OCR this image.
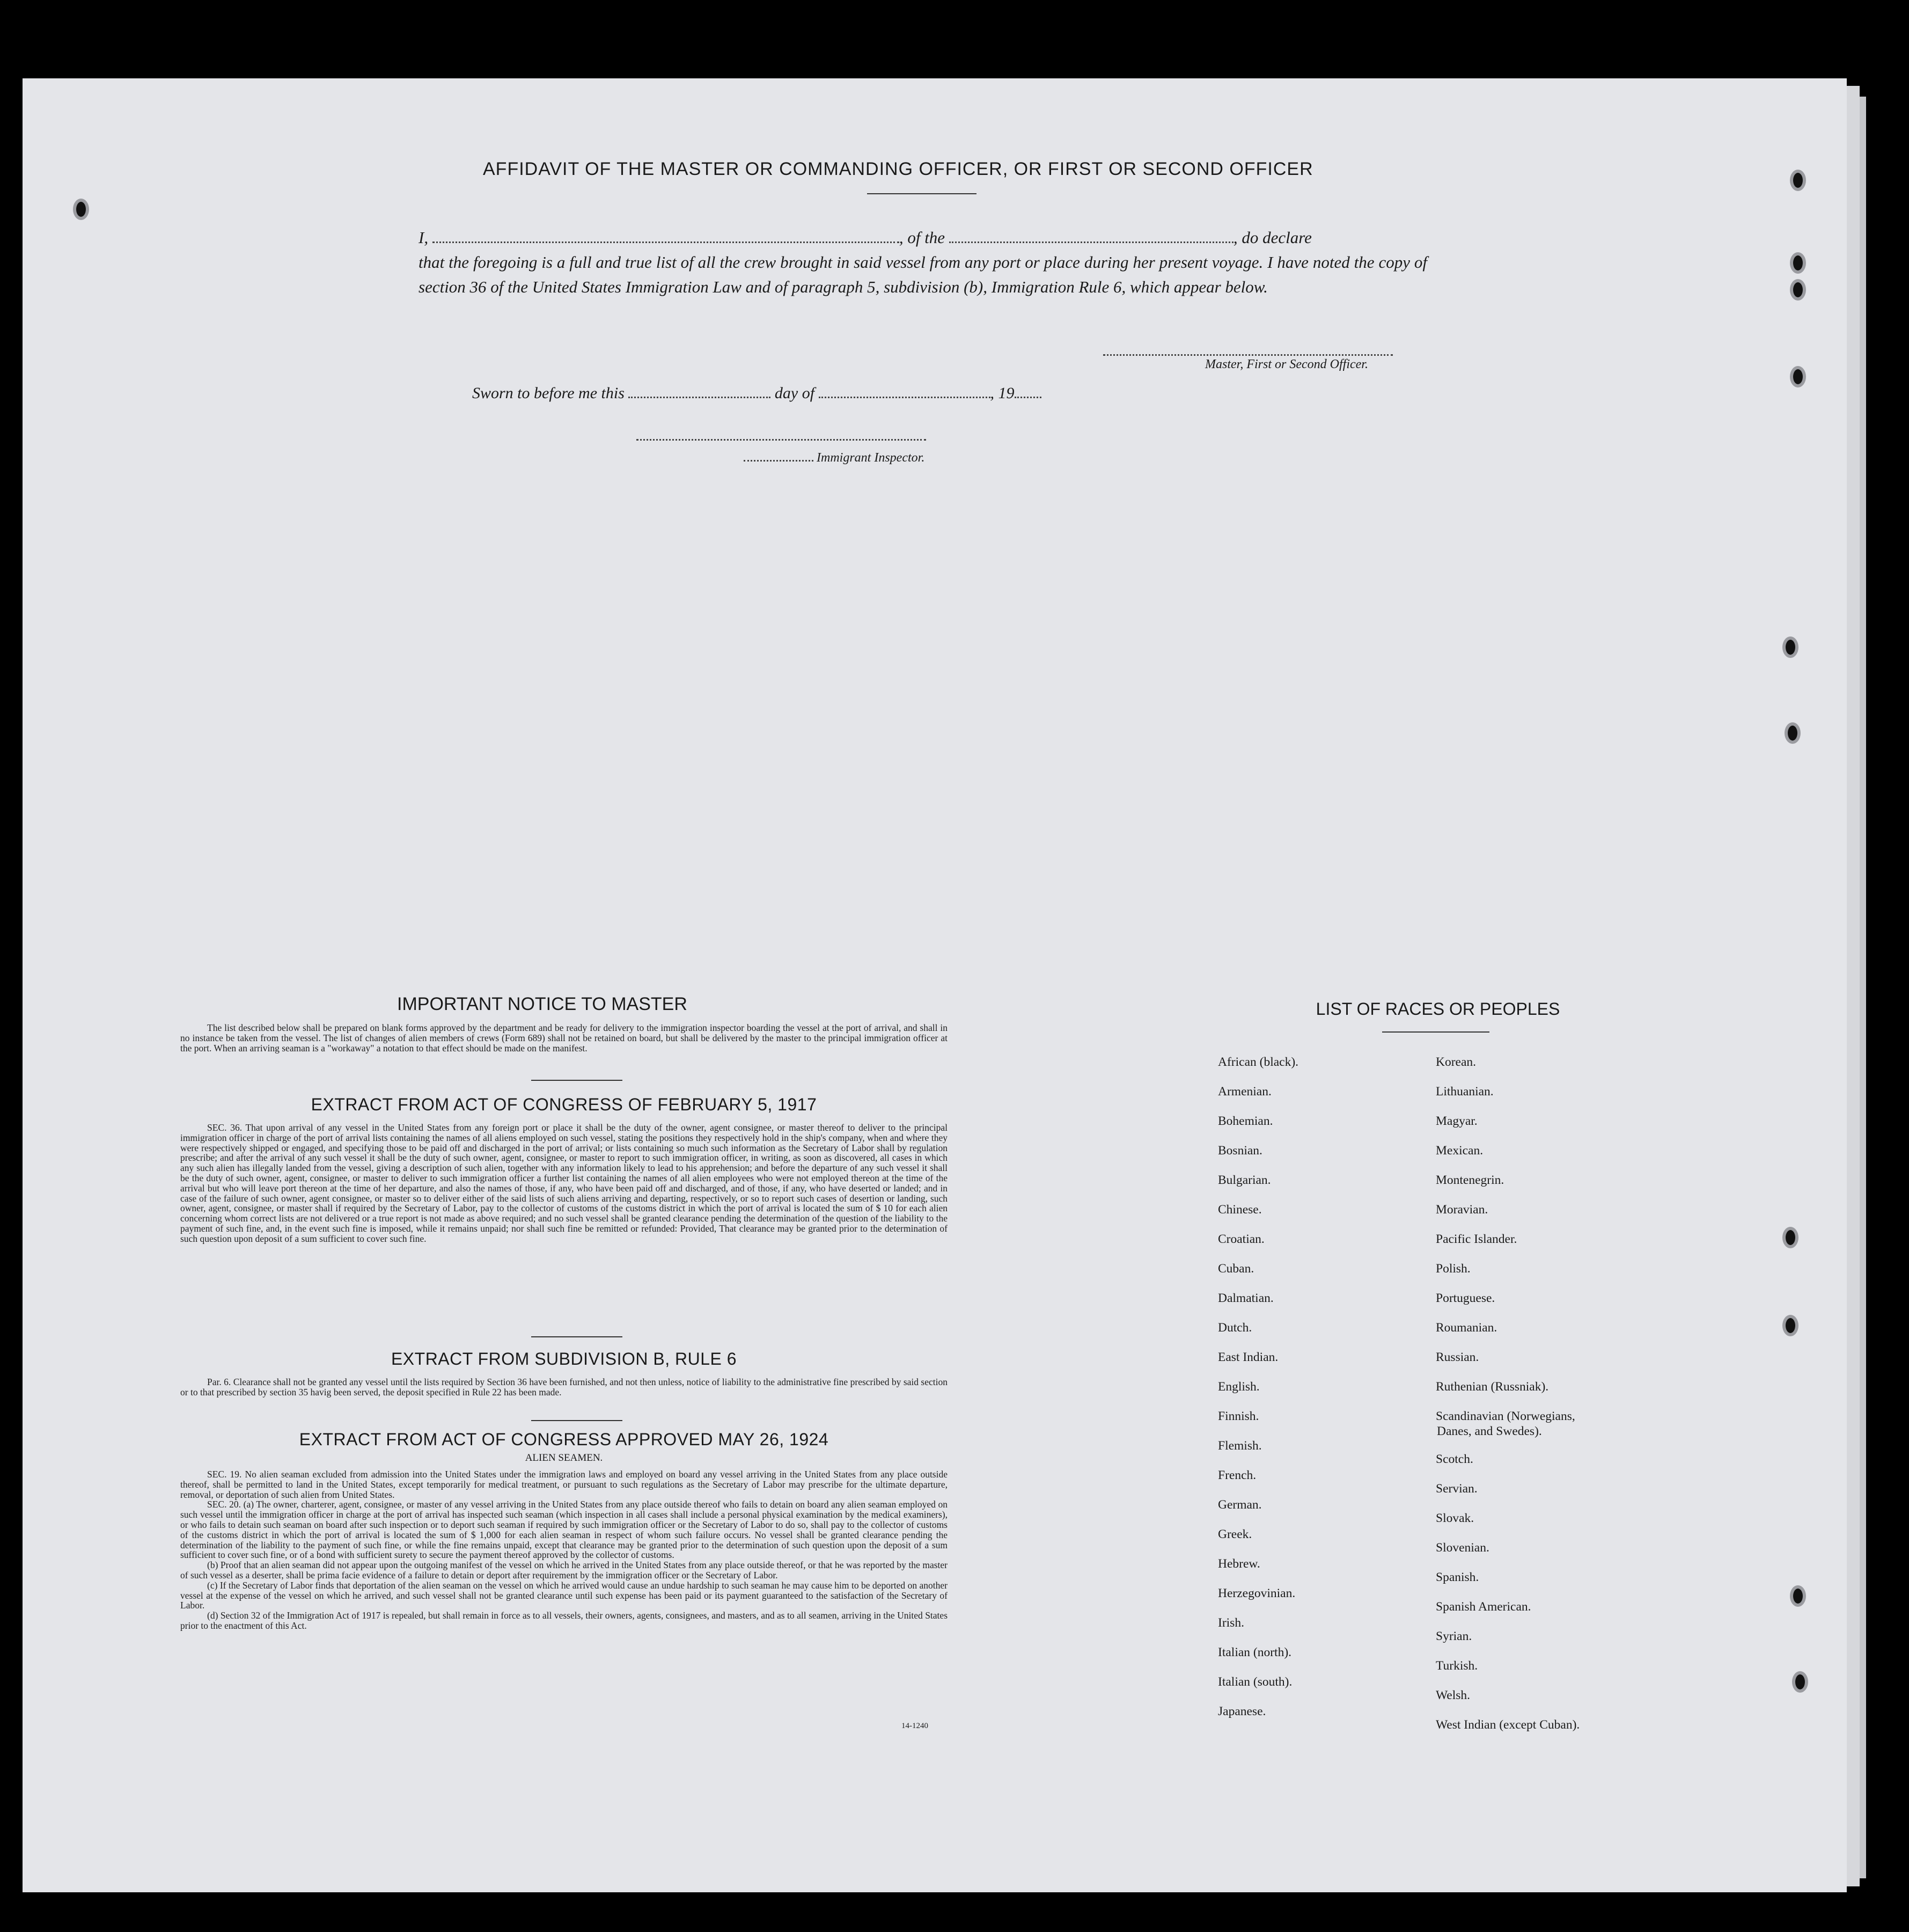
AFFIDAVIT OF THE MASTER OR COMMANDING OFFICER, OR FIRST OR SECOND OFFICER

I,	, of the	, do declare

that the foregoing is a full and true list of all the crew brought in said vessel from any port or place during her present voyage. I have noted the copy of section 36 of the United States Immigration Law and of paragraph 5, subdivision (b), Immigration Rule 6, which appear below.

Master, First or Second Officer.
Sworn to before me this	day of	, 19
Immigrant Inspector.
IMPORTANT NOTICE TO MASTER

The list described below shall be prepared on blank forms approved by the department and be ready for delivery to the immigration inspector boarding the vessel at the port of arrival, and shall in no instance be taken from the vessel. The list of changes of alien members of crews (Form 689) shall not be retained on board, but shall be delivered by the master to the principal immigration officer at the port. When an arriving seaman is a "workaway" a notation to that effect should be made on the manifest.

EXTRACT FROM ACT OF CONGRESS OF FEBRUARY 5, 1917

SEC. 36. That upon arrival of any vessel in the United States from any foreign port or place it shall be the duty of the owner, agent consignee, or master thereof to deliver to the principal immigration officer in charge of the port of arrival lists containing the names of all aliens employed on such vessel, stating the positions they respectively hold in the ship's company, when and where they were respectively shipped or engaged, and specifying those to be paid off and discharged in the port of arrival; or lists containing so much such information as the Secretary of Labor shall by regulation prescribe; and after the arrival of any such vessel it shall be the duty of such owner, agent, consignee, or master to report to such immigration officer, in writing, as soon as discovered, all cases in which any such alien has illegally landed from the vessel, giving a description of such alien, together with any information likely to lead to his apprehension; and before the departure of any such vessel it shall be the duty of such owner, agent, consignee, or master to deliver to such immigration officer a further list containing the names of all alien employees who were not employed thereon at the time of the arrival but who will leave port thereon at the time of her departure, and also the names of those, if any, who have been paid off and discharged, and of those, if any, who have deserted or landed; and in case of the failure of such owner, agent consignee, or master so to deliver either of the said lists of such aliens arriving and departing, respectively, or so to report such cases of desertion or landing, such owner, agent, consignee, or master shall if required by the Secretary of Labor, pay to the collector of customs of the customs district in which the port of arrival is located the sum of $ 10 for each alien concerning whom correct lists are not delivered or a true report is not made as above required; and no such vessel shall be granted clearance pending the determination of the question of the liability to the payment of such fine, and, in the event such fine is imposed, while it remains unpaid; nor shall such fine be remitted or refunded: Provided, That clearance may be granted prior to the determination of such question upon deposit of a sum sufficient to cover such fine.

EXTRACT FROM SUBDIVISION B, RULE 6

Par. 6. Clearance shall not be granted any vessel until the lists required by Section 36 have been furnished, and not then unless, notice of liability to the administrative fine prescribed by said section or to that prescribed by section 35 havig been served, the deposit specified in Rule 22 has been made.

EXTRACT FROM ACT OF CONGRESS APPROVED MAY 26, 1924
ALIEN SEAMEN.

SEC. 19. No alien seaman excluded from admission into the United States under the immigration laws and employed on board any vessel arriving in the United States from any place outside thereof, shall be permitted to land in the United States, except temporarily for medical treatment, or pursuant to such regulations as the Secretary of Labor may prescribe for the ultimate departure, removal, or deportation of such alien from United States.

SEC. 20. (a) The owner, charterer, agent, consignee, or master of any vessel arriving in the United States from any place outside thereof who fails to detain on board any alien seaman employed on such vessel until the immigration officer in charge at the port of arrival has inspected such seaman (which inspection in all cases shall include a personal physical examination by the medical examiners), or who fails to detain such seaman on board after such inspection or to deport such seaman if required by such immigration officer or the Secretary of Labor to do so, shall pay to the collector of customs of the customs district in which the port of arrival is located the sum of $ 1,000 for each alien seaman in respect of whom such failure occurs. No vessel shall be granted clearance pending the determination of the liability to the payment of such fine, or while the fine remains unpaid, except that clearance may be granted prior to the determination of such question upon the deposit of a sum sufficient to cover such fine, or of a bond with sufficient surety to secure the payment thereof approved by the collector of customs.

(b) Proof that an alien seaman did not appear upon the outgoing manifest of the vessel on which he arrived in the United States from any place outside thereof, or that he was reported by the master of such vessel as a deserter, shall be prima facie evidence of a failure to detain or deport after requirement by the immigration officer or the Secretary of Labor.

(c) If the Secretary of Labor finds that deportation of the alien seaman on the vessel on which he arrived would cause an undue hardship to such seaman he may cause him to be deported on another vessel at the expense of the vessel on which he arrived, and such vessel shall not be granted clearance until such expense has been paid or its payment guaranteed to the satisfaction of the Secretary of Labor.

(d) Section 32 of the Immigration Act of 1917 is repealed, but shall remain in force as to all vessels, their owners, agents, consignees, and masters, and as to all seamen, arriving in the United States prior to the enactment of this Act.

14-1240
LIST OF RACES OR PEOPLES
African (black).
Armenian.
Bohemian.
Bosnian.
Bulgarian.
Chinese.
Croatian.
Cuban.
Dalmatian.
Dutch.
East Indian.
English.
Finnish.
Flemish.
French.
German.
Greek.
Hebrew.
Herzegovinian.
Irish.
Italian (north).
Italian (south).
Japanese.
Korean.
Lithuanian.
Magyar.
Mexican.
Montenegrin.
Moravian.
Pacific Islander.
Polish.
Portuguese.
Roumanian.
Russian.
Ruthenian (Russniak).
Scandinavian (Norwegians,
Danes, and Swedes).
Scotch.
Servian.
Slovak.
Slovenian.
Spanish.
Spanish American.
Syrian.
Turkish.
Welsh.
West Indian (except Cuban).
